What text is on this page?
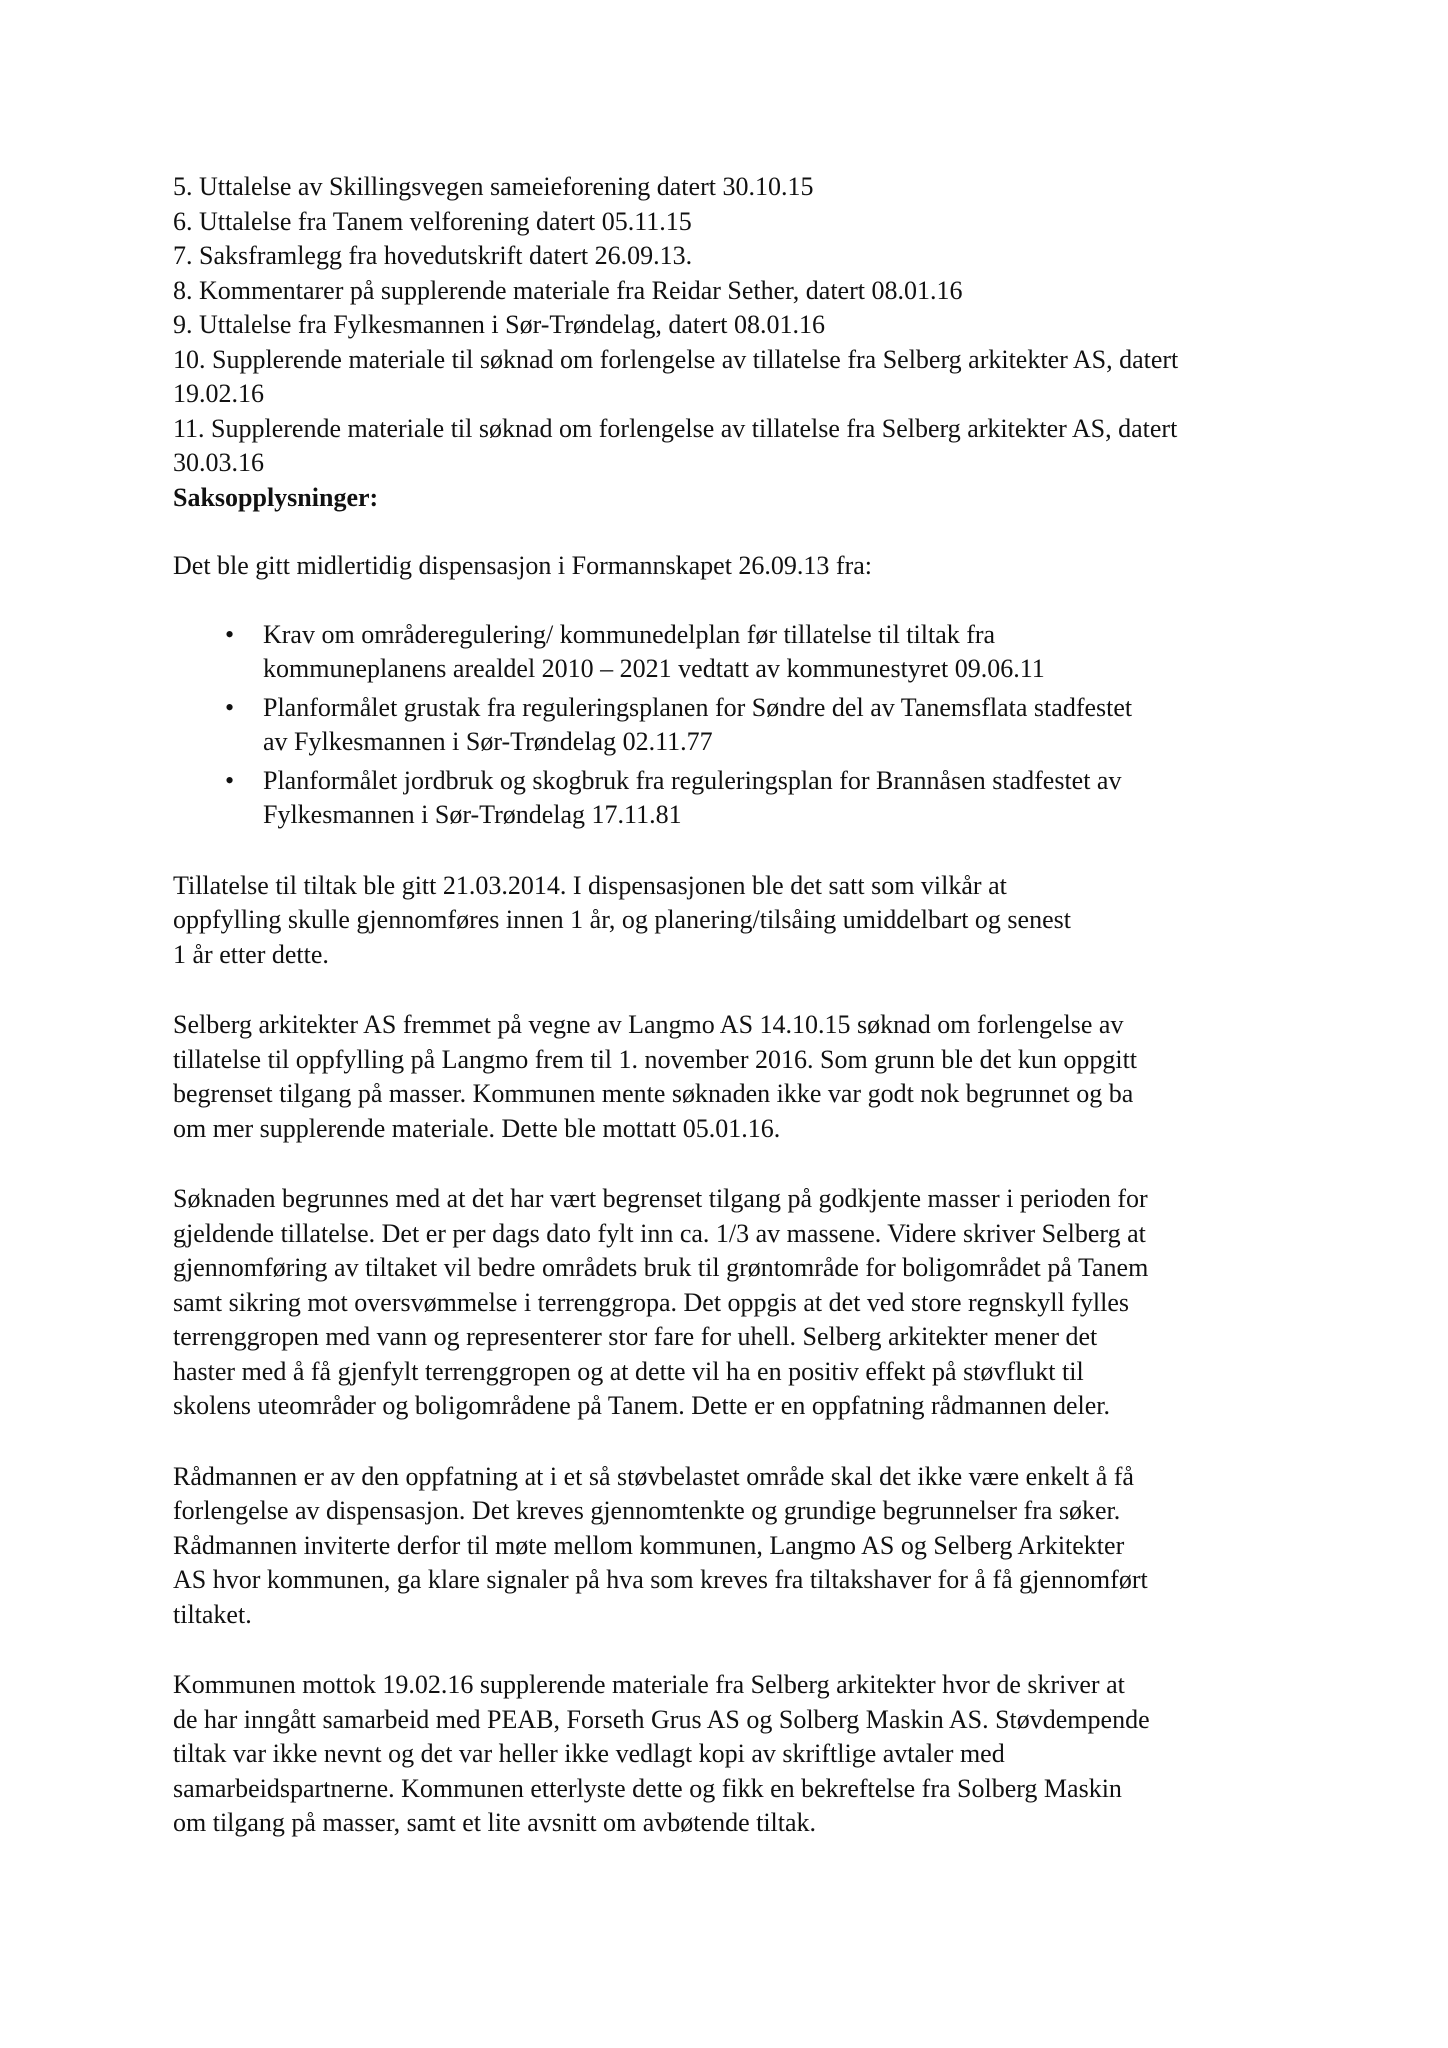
5. Uttalelse av Skillingsvegen sameieforening datert 30.10.15
6. Uttalelse fra Tanem velforening datert 05.11.15
7. Saksframlegg fra hovedutskrift datert 26.09.13.
8. Kommentarer på supplerende materiale fra Reidar Sether, datert 08.01.16
9. Uttalelse fra Fylkesmannen i Sør-Trøndelag, datert 08.01.16
10. Supplerende materiale til søknad om forlengelse av tillatelse fra Selberg arkitekter AS, datert 19.02.16
11. Supplerende materiale til søknad om forlengelse av tillatelse fra Selberg arkitekter AS, datert 30.03.16

Saksopplysninger:

Det ble gitt midlertidig dispensasjon i Formannskapet 26.09.13 fra:

• Krav om områderegulering/ kommunedelplan før tillatelse til tiltak fra kommuneplanens arealdel 2010 – 2021 vedtatt av kommunestyret 09.06.11
• Planformålet grustak fra reguleringsplanen for Søndre del av Tanemsflata stadfestet av Fylkesmannen i Sør-Trøndelag 02.11.77
• Planformålet jordbruk og skogbruk fra reguleringsplan for Brannåsen stadfestet av Fylkesmannen i Sør-Trøndelag 17.11.81

Tillatelse til tiltak ble gitt 21.03.2014. I dispensasjonen ble det satt som vilkår at
oppfylling skulle gjennomføres innen 1 år, og planering/tilsåing umiddelbart og senest
1 år etter dette.

Selberg arkitekter AS fremmet på vegne av Langmo AS 14.10.15 søknad om forlengelse av
tillatelse til oppfylling på Langmo frem til 1. november 2016. Som grunn ble det kun oppgitt
begrenset tilgang på masser. Kommunen mente søknaden ikke var godt nok begrunnet og ba
om mer supplerende materiale. Dette ble mottatt 05.01.16.

Søknaden begrunnes med at det har vært begrenset tilgang på godkjente masser i perioden for
gjeldende tillatelse. Det er per dags dato fylt inn ca. 1/3 av massene. Videre skriver Selberg at
gjennomføring av tiltaket vil bedre områdets bruk til grøntområde for boligområdet på Tanem
samt sikring mot oversvømmelse i terrenggropa. Det oppgis at det ved store regnskyll fylles
terrenggropen med vann og representerer stor fare for uhell. Selberg arkitekter mener det
haster med å få gjenfylt terrenggropen og at dette vil ha en positiv effekt på støvflukt til
skolens uteområder og boligområdene på Tanem. Dette er en oppfatning rådmannen deler.

Rådmannen er av den oppfatning at i et så støvbelastet område skal det ikke være enkelt å få
forlengelse av dispensasjon. Det kreves gjennomtenkte og grundige begrunnelser fra søker.
Rådmannen inviterte derfor til møte mellom kommunen, Langmo AS og Selberg Arkitekter
AS hvor kommunen, ga klare signaler på hva som kreves fra tiltakshaver for å få gjennomført
tiltaket.

Kommunen mottok 19.02.16 supplerende materiale fra Selberg arkitekter hvor de skriver at
de har inngått samarbeid med PEAB, Forseth Grus AS og Solberg Maskin AS. Støvdempende
tiltak var ikke nevnt og det var heller ikke vedlagt kopi av skriftlige avtaler med
samarbeidspartnerne. Kommunen etterlyste dette og fikk en bekreftelse fra Solberg Maskin
om tilgang på masser, samt et lite avsnitt om avbøtende tiltak.
